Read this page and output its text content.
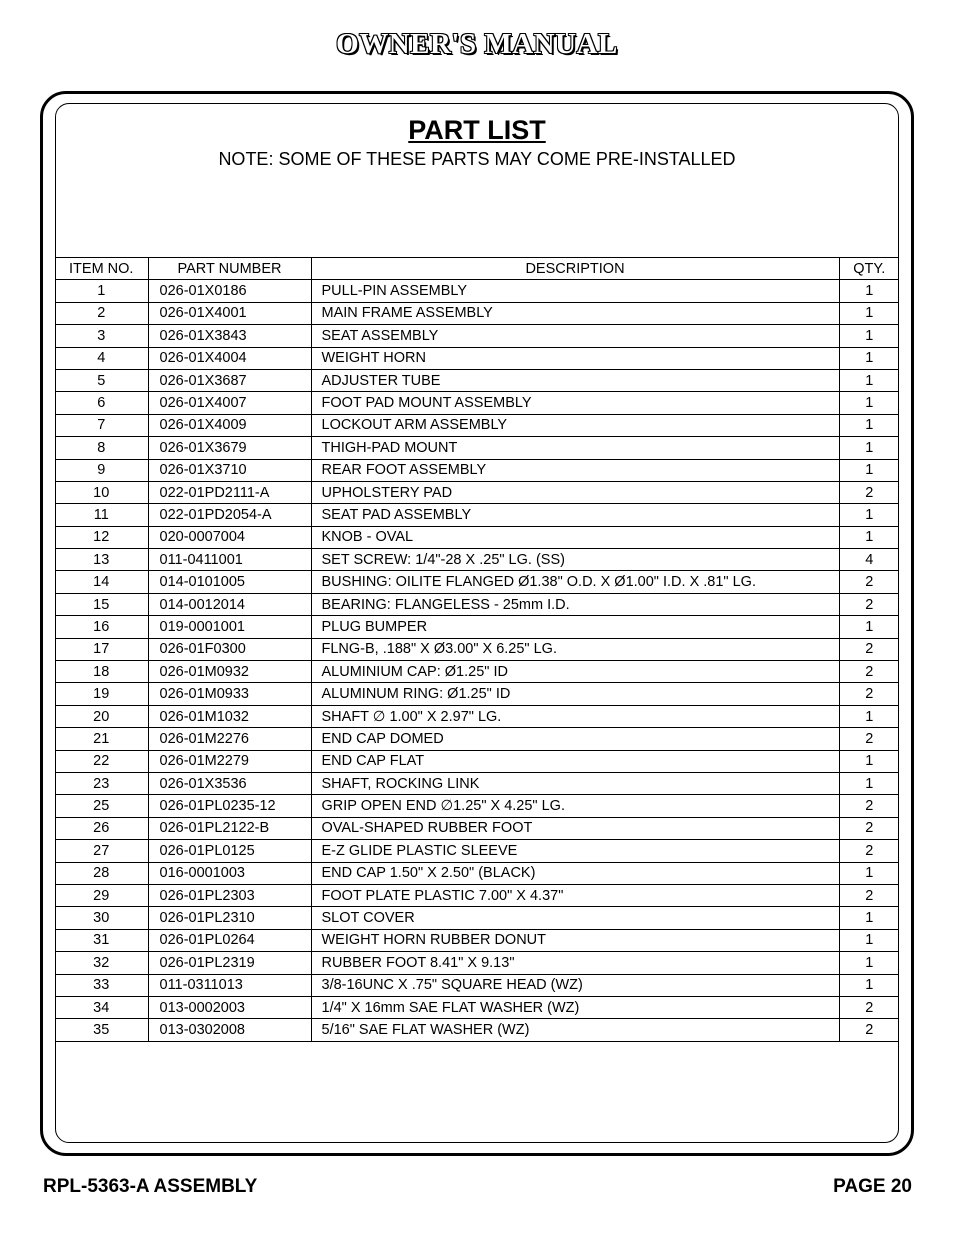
OWNER'S MANUAL
PART LIST
NOTE: SOME OF THESE PARTS MAY COME PRE-INSTALLED
ITEM NO.	PART NUMBER	DESCRIPTION	QTY.
1	026-01X0186	PULL-PIN ASSEMBLY	1
2	026-01X4001	MAIN FRAME ASSEMBLY	1
3	026-01X3843	SEAT ASSEMBLY	1
4	026-01X4004	WEIGHT HORN	1
5	026-01X3687	ADJUSTER TUBE	1
6	026-01X4007	FOOT PAD MOUNT ASSEMBLY	1
7	026-01X4009	LOCKOUT ARM ASSEMBLY	1
8	026-01X3679	THIGH-PAD MOUNT	1
9	026-01X3710	REAR FOOT ASSEMBLY	1
10	022-01PD2111-A	UPHOLSTERY PAD	2
11	022-01PD2054-A	SEAT PAD ASSEMBLY	1
12	020-0007004	KNOB - OVAL	1
13	011-0411001	SET SCREW: 1/4"-28 X .25" LG. (SS)	4
14	014-0101005	BUSHING: OILITE FLANGED Ø1.38" O.D. X Ø1.00" I.D. X .81" LG.	2
15	014-0012014	BEARING: FLANGELESS - 25mm I.D.	2
16	019-0001001	PLUG BUMPER	1
17	026-01F0300	FLNG-B, .188" X Ø3.00" X 6.25" LG.	2
18	026-01M0932	ALUMINIUM CAP: Ø1.25" ID	2
19	026-01M0933	ALUMINUM RING: Ø1.25" ID	2
20	026-01M1032	SHAFT ∅ 1.00" X 2.97" LG.	1
21	026-01M2276	END CAP DOMED	2
22	026-01M2279	END CAP FLAT	1
23	026-01X3536	SHAFT, ROCKING LINK	1
25	026-01PL0235-12	GRIP OPEN END ∅1.25" X 4.25" LG.	2
26	026-01PL2122-B	OVAL-SHAPED RUBBER FOOT	2
27	026-01PL0125	E-Z GLIDE PLASTIC SLEEVE	2
28	016-0001003	END CAP 1.50" X 2.50" (BLACK)	1
29	026-01PL2303	FOOT PLATE PLASTIC 7.00" X 4.37"	2
30	026-01PL2310	SLOT COVER	1
31	026-01PL0264	WEIGHT HORN RUBBER DONUT	1
32	026-01PL2319	RUBBER FOOT 8.41" X 9.13"	1
33	011-0311013	3/8-16UNC X .75" SQUARE HEAD (WZ)	1
34	013-0002003	1/4" X 16mm SAE FLAT WASHER (WZ)	2
35	013-0302008	5/16" SAE FLAT WASHER (WZ)	2
RPL-5363-A ASSEMBLY	PAGE 20
